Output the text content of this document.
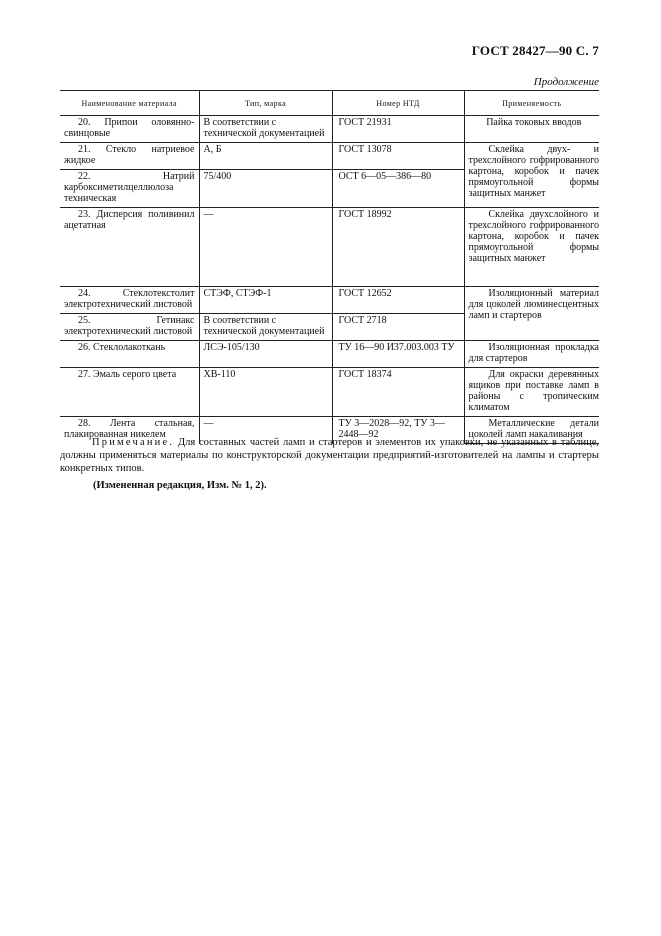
ГОСТ 28427—90 С. 7
Продолжение
Наименование материала	Тип, марка	Номер НТД	Применяемость

20. Припои оловянно-свинцовые	В соответствии с технической документацией	ГОСТ 21931	Пайка токовых вводов

21. Стекло натриевое жидкое	А, Б	ГОСТ 13078	Склейка двух- и трехслойного гофрированного картона, коробок и пачек прямоугольной формы защитных манжет

22. Натрий карбоксиметилцеллюлоза техническая	75/400	ОСТ 6—05—386—80	

23. Дисперсия поливинил ацетатная	—	ГОСТ 18992	Склейка двухслойного и трехслойного гофрированного картона, коробок и пачек прямоугольной формы защитных манжет

24. Стеклотекстолит электротехнический листовой	СТЭФ, СТЭФ-1	ГОСТ 12652	Изоляционный материал для цоколей люминесцентных ламп и стартеров

25. Гетинакс электротехнический листовой	В соответствии с технической документацией	ГОСТ 2718	

26. Стеклолакоткань	ЛСЭ-105/130	ТУ 16—90 И37.003.003 ТУ	Изоляционная прокладка для стартеров

27. Эмаль серого цвета	ХВ-110	ГОСТ 18374	Для окраски деревянных ящиков при поставке ламп в районы с тропическим климатом

28. Лента стальная, плакированная никелем	—	ТУ 3—2028—92, ТУ 3—2448—92	Металлические детали цоколей ламп накаливания
Примечание. Для составных частей ламп и стартеров и элементов их упаковки, не указанных в таблице, должны применяться материалы по конструкторской документации предприятий-изготовителей на лампы и стартеры конкретных типов.
(Измененная редакция, Изм. № 1, 2).
